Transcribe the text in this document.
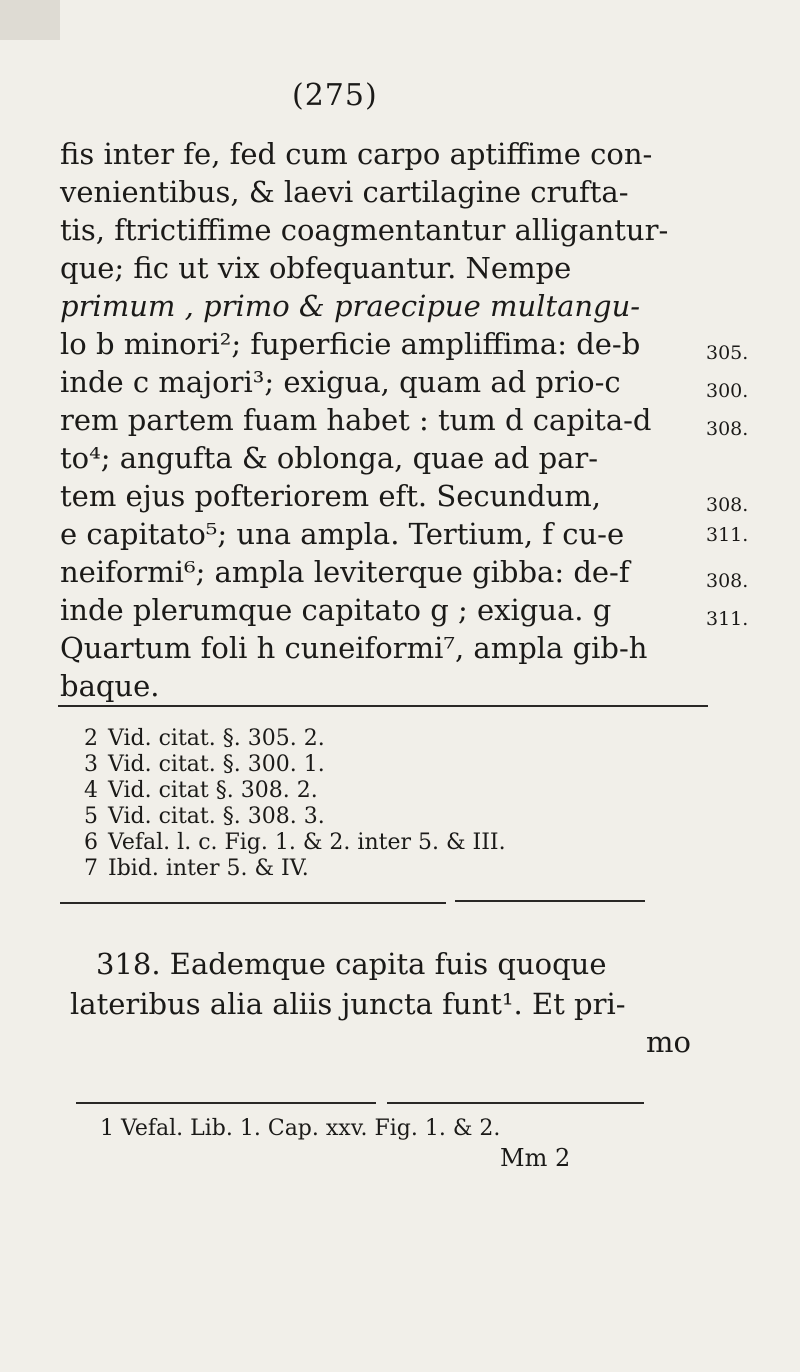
(275)
fis inter fe, fed cum carpo aptiffime con-
venientibus, & laevi cartilagine crufta-
tis, ftrictiffime coagmentantur alligantur-
que; fic ut vix obfequantur. Nempe
primum , primo & praecipue multangu-
lo b minori²; fuperficie ampliffima: de-b
inde c majori³; exigua, quam ad prio-c
rem partem fuam habet : tum d capita-d
to⁴; angufta & oblonga, quae ad par-
tem ejus pofteriorem eft. Secundum,
e capitato⁵; una ampla. Tertium, f cu-e
neiformi⁶; ampla leviterque gibba: de-f
inde plerumque capitato g ; exigua. g
Quartum foli h cuneiformi⁷, ampla gib-h
baque.
305.
300.
308.
308.
311.
308.
311.
2 Vid. citat. §. 305. 2.
3 Vid. citat. §. 300. 1.
4 Vid. citat §. 308. 2.
5 Vid. citat. §. 308. 3.
6 Vefal. l. c. Fig. 1. & 2. inter 5. & III.
7 Ibid. inter 5. & IV.
318. Eademque capita fuis quoque
lateribus alia aliis juncta funt¹. Et pri-
mo
1 Vefal. Lib. 1. Cap. xxv. Fig. 1. & 2.
Mm 2
